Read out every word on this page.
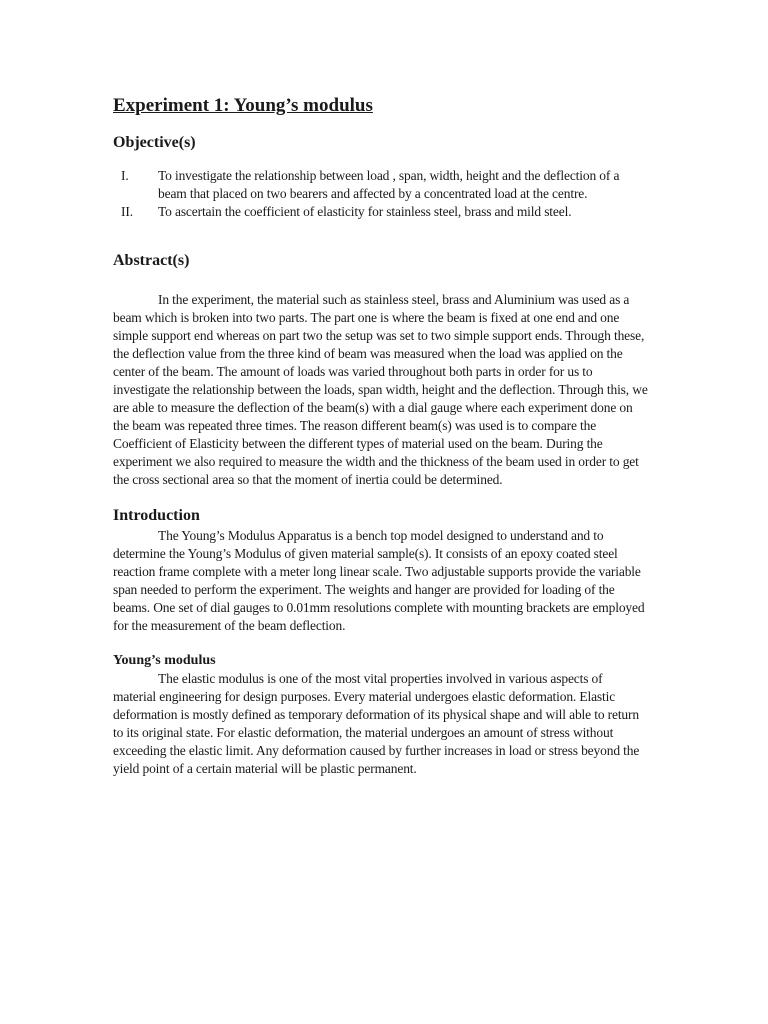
Experiment 1: Young’s modulus
Objective(s)
I.	To investigate the relationship between load , span, width, height and the deflection of a beam that placed on two bearers and affected by a concentrated load at the centre.
II.	To ascertain the coefficient of elasticity for stainless steel, brass and mild steel.
Abstract(s)

In the experiment, the material such as stainless steel, brass and Aluminium was used as a beam which is broken into two parts. The part one is where the beam is fixed at one end and one simple support end whereas on part two the setup was set to two simple support ends. Through these, the deflection value from the three kind of beam was measured when the load was applied on the center of the beam. The amount of loads was varied throughout both parts in order for us to investigate the relationship between the loads, span width, height and the deflection. Through this, we are able to measure the deflection of the beam(s) with a dial gauge where each experiment done on the beam was repeated three times. The reason different beam(s) was used is to compare the Coefficient of Elasticity between the different types of material used on the beam. During the experiment we also required to measure the width and the thickness of the beam used in order to get the cross sectional area so that the moment of inertia could be determined.

Introduction

The Young’s Modulus Apparatus is a bench top model designed to understand and to determine the Young’s Modulus of given material sample(s). It consists of an epoxy coated steel reaction frame complete with a meter long linear scale. Two adjustable supports provide the variable span needed to perform the experiment. The weights and hanger are provided for loading of the beams. One set of dial gauges to 0.01mm resolutions complete with mounting brackets are employed for the measurement of the beam deflection.

Young’s modulus

The elastic modulus is one of the most vital properties involved in various aspects of material engineering for design purposes. Every material undergoes elastic deformation. Elastic deformation is mostly defined as temporary deformation of its physical shape and will able to return to its original state. For elastic deformation, the material undergoes an amount of stress without exceeding the elastic limit. Any deformation caused by further increases in load or stress beyond the yield point of a certain material will be plastic permanent.
